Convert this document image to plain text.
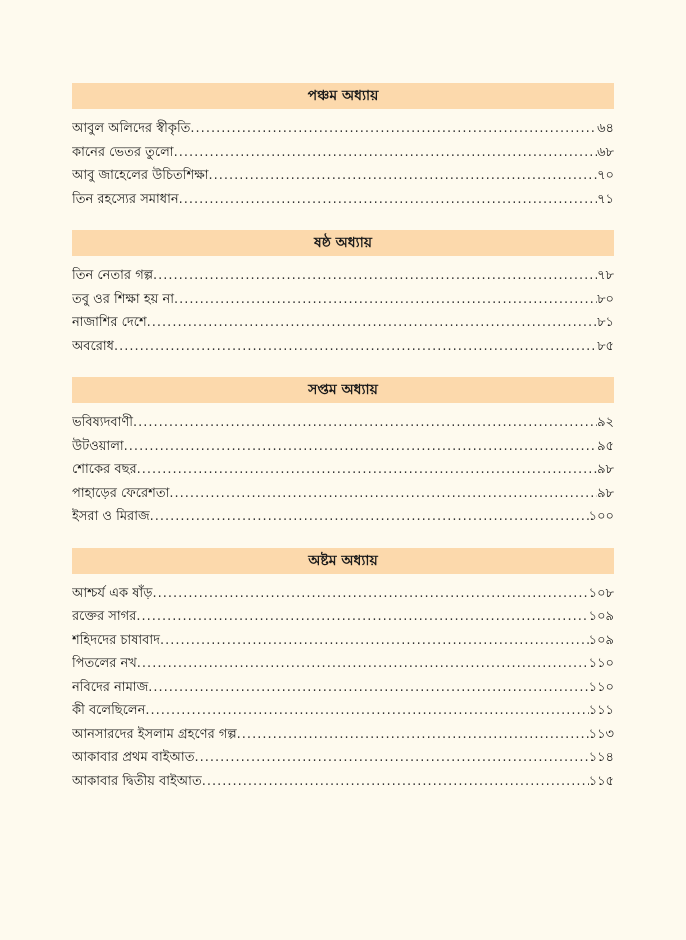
পঞ্চম অধ্যায়
আবুল অলিদের স্বীকৃতি .....	৬৪
কানের ভেতর তুলো .....	৬৮
আবু জাহেলের উচিতশিক্ষা .....	৭০
তিন রহস্যের সমাধান .....	৭১
ষষ্ঠ অধ্যায়
তিন নেতার গল্প .....	৭৮
তবু ওর শিক্ষা হয় না .....	৮০
নাজাশির দেশে .....	৮১
অবরোধ .....	৮৫
সপ্তম অধ্যায়
ভবিষ্যদবাণী .....	৯২
উটওয়ালা .....	৯৫
শোকের বছর .....	৯৮
পাহাড়ের ফেরেশতা .....	৯৮
ইসরা ও মিরাজ .....	১০০
অষ্টম অধ্যায়
আশ্চর্য এক ষাঁড় .....	১০৮
রক্তের সাগর .....	১০৯
শহিদদের চাষাবাদ .....	১০৯
পিতলের নখ .....	১১০
নবিদের নামাজ .....	১১০
কী বলেছিলেন .....	১১১
আনসারদের ইসলাম গ্রহণের গল্প .....	১১৩
আকাবার প্রথম বাইআত .....	১১৪
আকাবার দ্বিতীয় বাইআত .....	১১৫
